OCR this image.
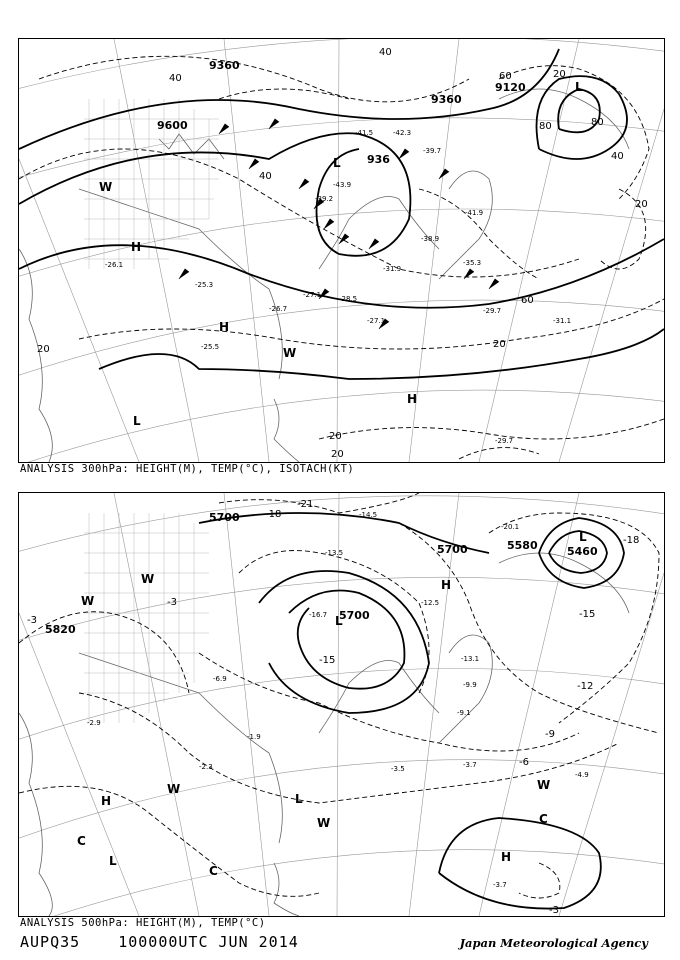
9360
9360
9600
9120
936
40
40
40
40
60
60
80
80
20	20
20
20
20
20
-41.5	-42.3
-39.2
-43.9
-39.7
-41.9
-38.9
-35.3
-31.9
-28.5
-27.1
-29.7
-31.1
-26.1
-25.3
-27.1
-25.5
-26.7
-29.7
H
H
H
L
L
L
W
W
ANALYSIS 300hPa: HEIGHT(M), TEMP(°C), ISOTACH(KT)
-14.5
-13.5
-12.5
-13.1
-9.9
-9.1
-3.7
-3.5
-4.9
-2.9
-2.3
-1.9
-6.9
-3.7
-20.1
-16.7
5700
5700
5700
5580	5460
5820
-21
-18
-18
-15
-15
-12
-9
-6
-3
-3
-3
H
H
H
L
L
L
L
C
C
C
W
W
W
W
W
ANALYSIS 500hPa: HEIGHT(M), TEMP(°C)
AUPQ35	100000UTC JUN 2014	Japan Meteorological Agency
